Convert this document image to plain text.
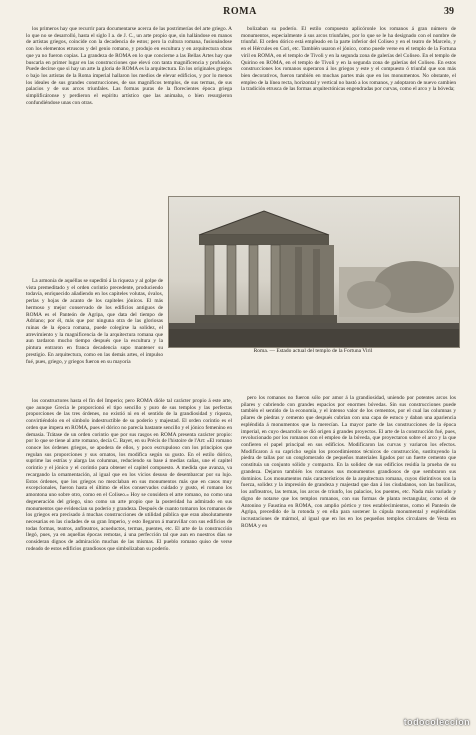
ROMA	39

los primeros hay que recurrir para documentarse acerca de las postrimerías del arte griego. A lo que no se desarrolló, hasta el siglo I a. de J. C., un arte propio que, sin hallándose en manos de artistas griegos, coincide con la decadencia de estos; pero la cultura romana, fusionándose con los elementos etruscos y del genio romano, y produjo en escultura y en arquitectura obras que ya no fueron copias. La grandeza de ROMA en lo que concierne a las Bellas Artes hay que buscarla en primer lugar en las construcciones que elevó con tanta magnificencia y profusión. Puede decirse que si hay un arte la gloria de ROMA es la arquitectura. En los originales griegos o bajo los artistas de la Roma imperial hallaron los medios de elevar edificios, y por lo menos los ideales de sus grandes construcciones, de sus magníficos templos, de sus termas, de sus palacios y de sus arcos triunfales. Las formas puras de la florecientes época griega simplificáronse y perdieron el espíritu artístico que las animaba, o bien resurgieron confundiéndose unas con otras.

La armonía de aquéllas se supeditó á la riqueza y al golpe de vista premeditado y el orden corintio precedente, produciendo todavía, enriquecido añadiendo en los capiteles volutas, óvalos, perlas y hojas de acanto de los capiteles jónicos. El más hermoso y mejor conservado de los edificios antiguos de ROMA es el Panteón de Agripa, que data del tiempo de Adriano; por él, más que por ninguna otra de las gloriosas ruinas de la época romana, puede colegirse la solidez, el atrevimiento y la magnificencia de la arquitectura romana que aun tardaron mucho tiempo después que la escultura y la pintura entraron en franca decadencia supo mantener su prestigio. En arquitectura, como en las demás artes, el impulso fué, pues, griego, y griegos fueron en su mayoría

los constructores hasta el fin del Imperio; pero ROMA dióle tal carácter propio á este arte, que aunque Grecia le proporcionó el tipo sencillo y puro de sus templos y las perfectas proporciones de las tres órdenes, no existió ni en el sentido de la grandiosidad y riqueza, convirtiéndolo en el símbolo indestructible de su poderío y majestad. El orden corintio es el orden que impera en ROMA, pues el dórico no parecía bastante sencillo y el jónico femenino en demasía. Trátase de un orden corintio que por sus rasgos en ROMA presenta carácter propio: por lo que se tiene al arte romano, decía C. Bayet, en su Précis de l'histoire de l'Art: «El romano conoce los órdenes griegos, se apodera de ellos, y poco escrupuloso con los principios que regulan sus proporciones y sus ornatos, los modifica según su gusto. En el estilo dórico, suprime las estrías y alarga las columnas, reduciendo su base á medias cañas, une el capitel corintio y el jónico y el corintio para obtener el capitel compuesto. A medida que avanza, va recargando la ornamentación, al igual que en los vicios desuso de desembarcar por su lujo. Estos órdenes, que los griegos no mezclaban en sus monumentos más que en casos muy excepcionales, fueron hasta el último de ellos conservados cuidado y gusto, el romano los amontona uno sobre otro, como en el Coliseo.» Hoy se considera el arte romano, no como una degeneración del griego, sino como un arte propio que la posteridad ha admirado en sus monumentos que evidencian su poderío y grandeza. Después de cuanto tomaron los romanos de los griegos era precisado á muchas construcciones de utilidad pública que eran absolutamente necesarias en las ciudades de su gran Imperio, y esto llegaron á maravillar con sus edificios de todas formas, teatros, anfiteatros, acueductos, termas, puentes, etc. El arte de la construcción llegó, pues, ya en aquellas épocas remotas, á una perfección tal que aun en nuestros días se consideran dignos de admiración muchas de las mismas. El pueblo romano quiso de verse rodeado de estos edificios grandiosos que simbolizaban su poderío.

bolizaban su poderío. El estilo compuesto aplicóronle los romanos á gran número de monumentos, especialmente á sus arcos triunfales, por lo que se le ha designado con el nombre de triunfal. El orden dórico está empleado en la parte inferior del Coliseo y en el teatro de Marcelo, y en el Hércules en Cori, etc. También usaron el jónico, como puede verse en el templo de la Fortuna viril en ROMA, en el templo de Tívoli y en la segunda zona de galerías del Coliseo. En el templo de Quirino en ROMA, en el templo de Tívoli y en la segunda zona de galerías del Coliseo. En estos construcciones los romanos superaron á los griegos y este y el compuesto ó triunfal que son más bien decorativos, fueron también en muchas partes más que en los monumentos. No obstante, el empleo de la línea recta, horizontal y vertical no bastó a los romanos, y adoptaron de nuevo cambien la tradición etrusca de las formas arquitectónicas engendradas por curvas, como el arco y la bóveda;

pero los romanos no fueron sólo por amor á la grandiosidad, uniendo por potentes arcos los pilares y cubriendo con grandes espacios por enormes bóvedas. Sin sus construcciones puede también el sentido de la economía, y el intenso valor de los cementos, por el cual las columnas y pilares de piedras y cemento que después cubrían con una capa de estuco y daban una apariencia espléndida á monumentos que la merecían. La mayor parte de las construcciones de la época imperial, en cuyo desarrollo se dió origen á grandes proyectos. El arte de la construcción fué, pues, revolucionado por los romanos con el empleo de la bóveda, que proyectaron sobre el arco y la que confieren el papel principal en sus edificios. Modificaron las curvas y variaron los efectos. Modificaron á su capricho según los procedimientos técnicos de construcción, sustituyendo la piedra de tallas por un conglomerado de pequeños materiales ligados por un fuerte cemento que constituía un conjunto sólido y compacto. En la solidez de sus edificios residía la prueba de su grandeza. Dejaron también los romanos sus monumentos grandiosos de que sembraron sus dominios. Los monumentos más característicos de la arquitectura romana, cuyos distintivos son la fuerza, solidez y la impresión de grandeza y majestad que dan á los ciudadanos, son las basílicas, los anfiteatros, las termas, los arcos de triunfo, los palacios, los puentes, etc. Nada más variado y digno de notarse que los templos romanos, con sus formas de planta rectangular, como el de Antonino y Faustina en ROMA, con amplio pórtico y tres establecimientos, como el Panteón de Agripa, precedido de la rotonda y en ella para sostener la cúpula monumental y espléndidas incrustaciones de mármol, al igual que en los en los pequeños templos circulares de Vesta en ROMA y en

Roma. — Estado actual del templo de la Fortuna Viril
todocoleccion
